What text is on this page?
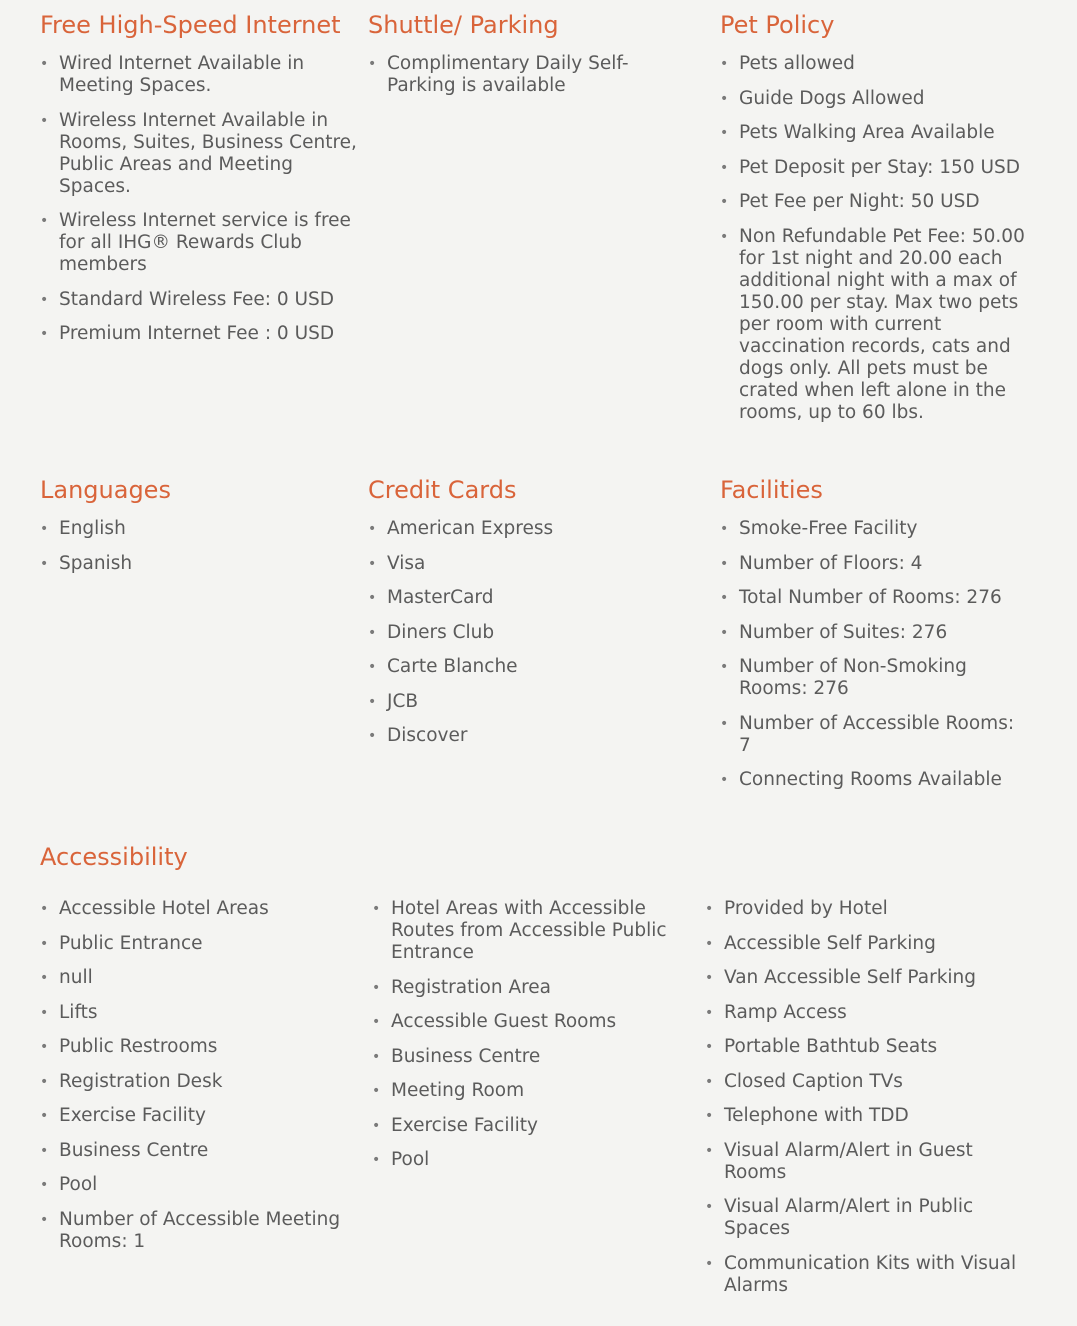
Free High-Speed Internet
• Wired Internet Available in Meeting Spaces.
• Wireless Internet Available in Rooms, Suites, Business Centre, Public Areas and Meeting Spaces.
• Wireless Internet service is free for all IHG® Rewards Club members
• Standard Wireless Fee: 0 USD
• Premium Internet Fee : 0 USD
Shuttle/ Parking
• Complimentary Daily Self-Parking is available
Pet Policy
• Pets allowed
• Guide Dogs Allowed
• Pets Walking Area Available
• Pet Deposit per Stay: 150 USD
• Pet Fee per Night: 50 USD
• Non Refundable Pet Fee: 50.00 for 1st night and 20.00 each additional night with a max of 150.00 per stay. Max two pets per room with current vaccination records, cats and dogs only. All pets must be crated when left alone in the rooms, up to 60 lbs.
Languages
• English
• Spanish
Credit Cards
• American Express
• Visa
• MasterCard
• Diners Club
• Carte Blanche
• JCB
• Discover
Facilities
• Smoke-Free Facility
• Number of Floors: 4
• Total Number of Rooms: 276
• Number of Suites: 276
• Number of Non-Smoking Rooms: 276
• Number of Accessible Rooms: 7
• Connecting Rooms Available
Accessibility
• Accessible Hotel Areas
• Public Entrance
• null
• Lifts
• Public Restrooms
• Registration Desk
• Exercise Facility
• Business Centre
• Pool
• Number of Accessible Meeting Rooms: 1
• Hotel Areas with Accessible Routes from Accessible Public Entrance
• Registration Area
• Accessible Guest Rooms
• Business Centre
• Meeting Room
• Exercise Facility
• Pool
• Provided by Hotel
• Accessible Self Parking
• Van Accessible Self Parking
• Ramp Access
• Portable Bathtub Seats
• Closed Caption TVs
• Telephone with TDD
• Visual Alarm/Alert in Guest Rooms
• Visual Alarm/Alert in Public Spaces
• Communication Kits with Visual Alarms
